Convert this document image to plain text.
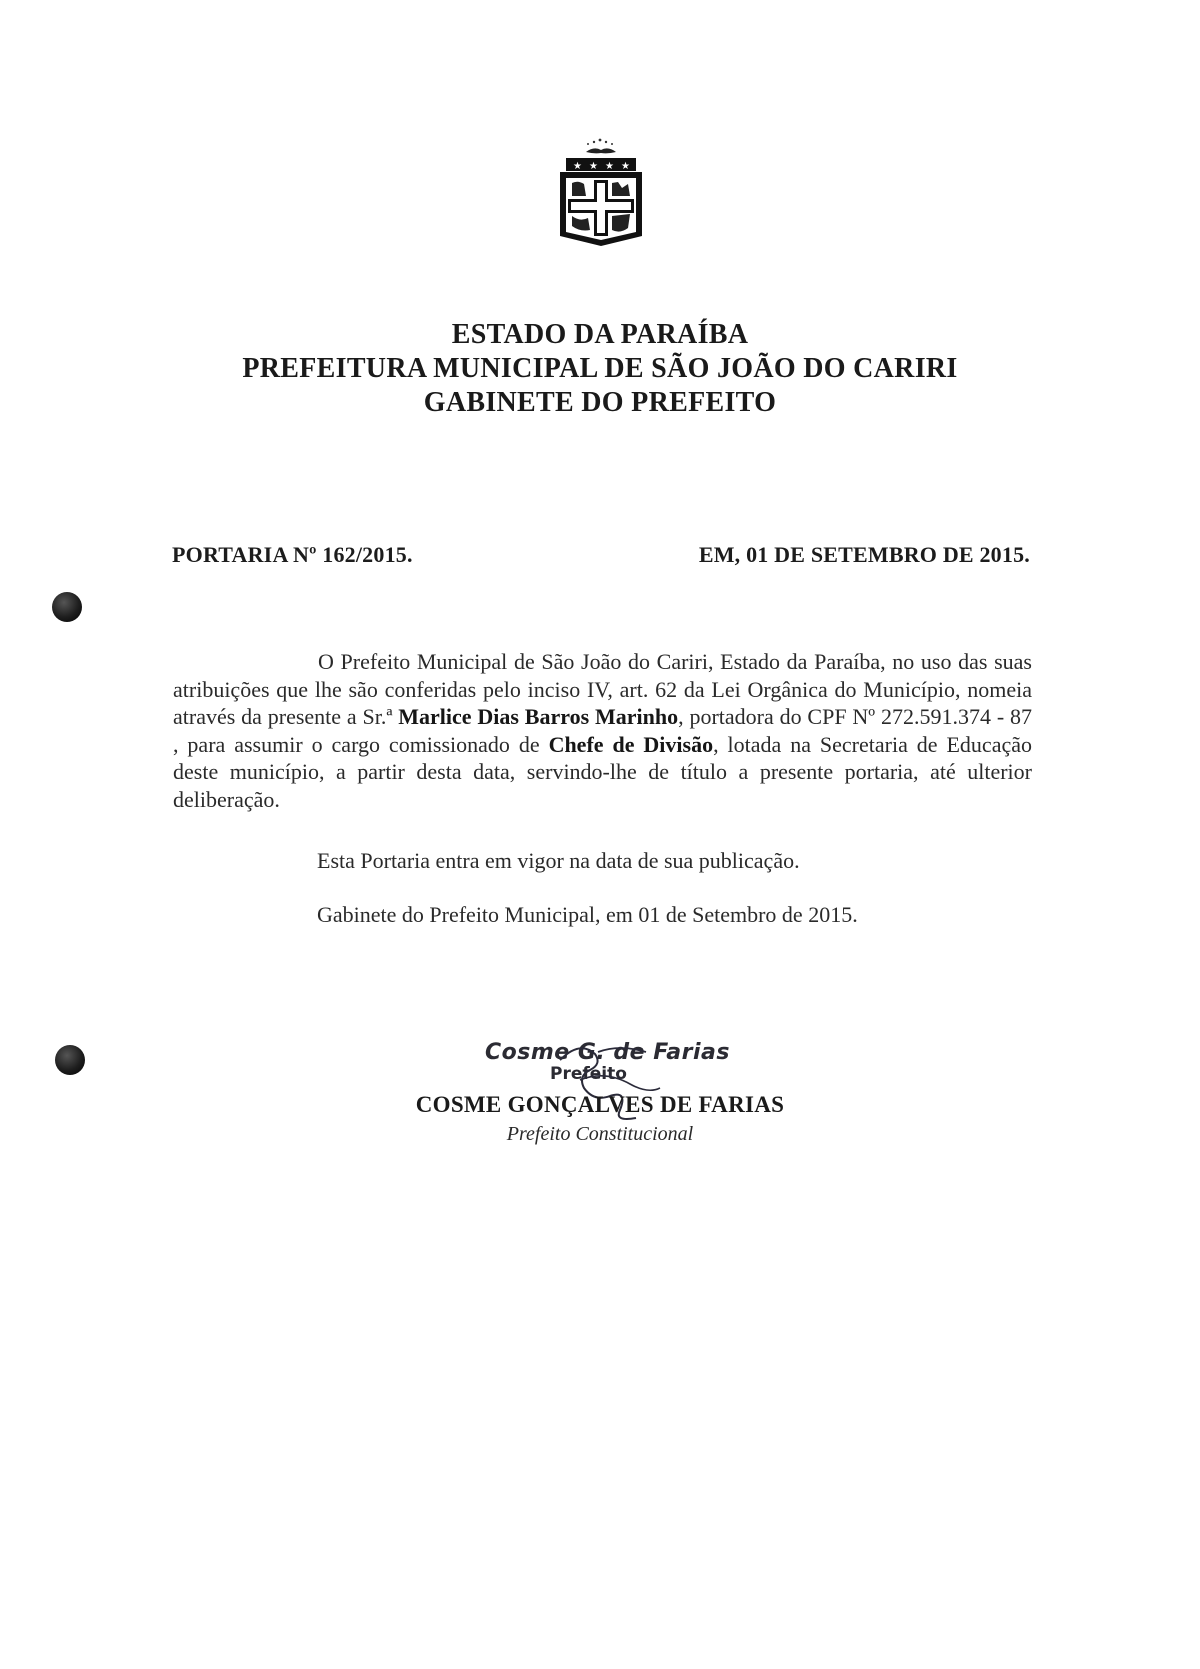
★ ★ ★ ★
ESTADO DA PARAÍBA
PREFEITURA MUNICIPAL DE SÃO JOÃO DO CARIRI
GABINETE DO PREFEITO
PORTARIA Nº 162/2015.	EM, 01 DE SETEMBRO DE 2015.

O Prefeito Municipal de São João do Cariri, Estado da Paraíba, no uso das suas atribuições que lhe são conferidas pelo inciso IV, art. 62 da Lei Orgânica do Município, nomeia através da presente a Sr.ª Marlice Dias Barros Marinho, portadora do CPF Nº 272.591.374 - 87 , para assumir o cargo comissionado de Chefe de Divisão, lotada na Secretaria de Educação deste município, a partir desta data, servindo-lhe de título a presente portaria, até ulterior deliberação.

Esta Portaria entra em vigor na data de sua publicação.
Gabinete do Prefeito Municipal, em 01 de Setembro de 2015.
Cosme G. de Farias
Prefeito
COSME GONÇALVES DE FARIAS
Prefeito Constitucional
